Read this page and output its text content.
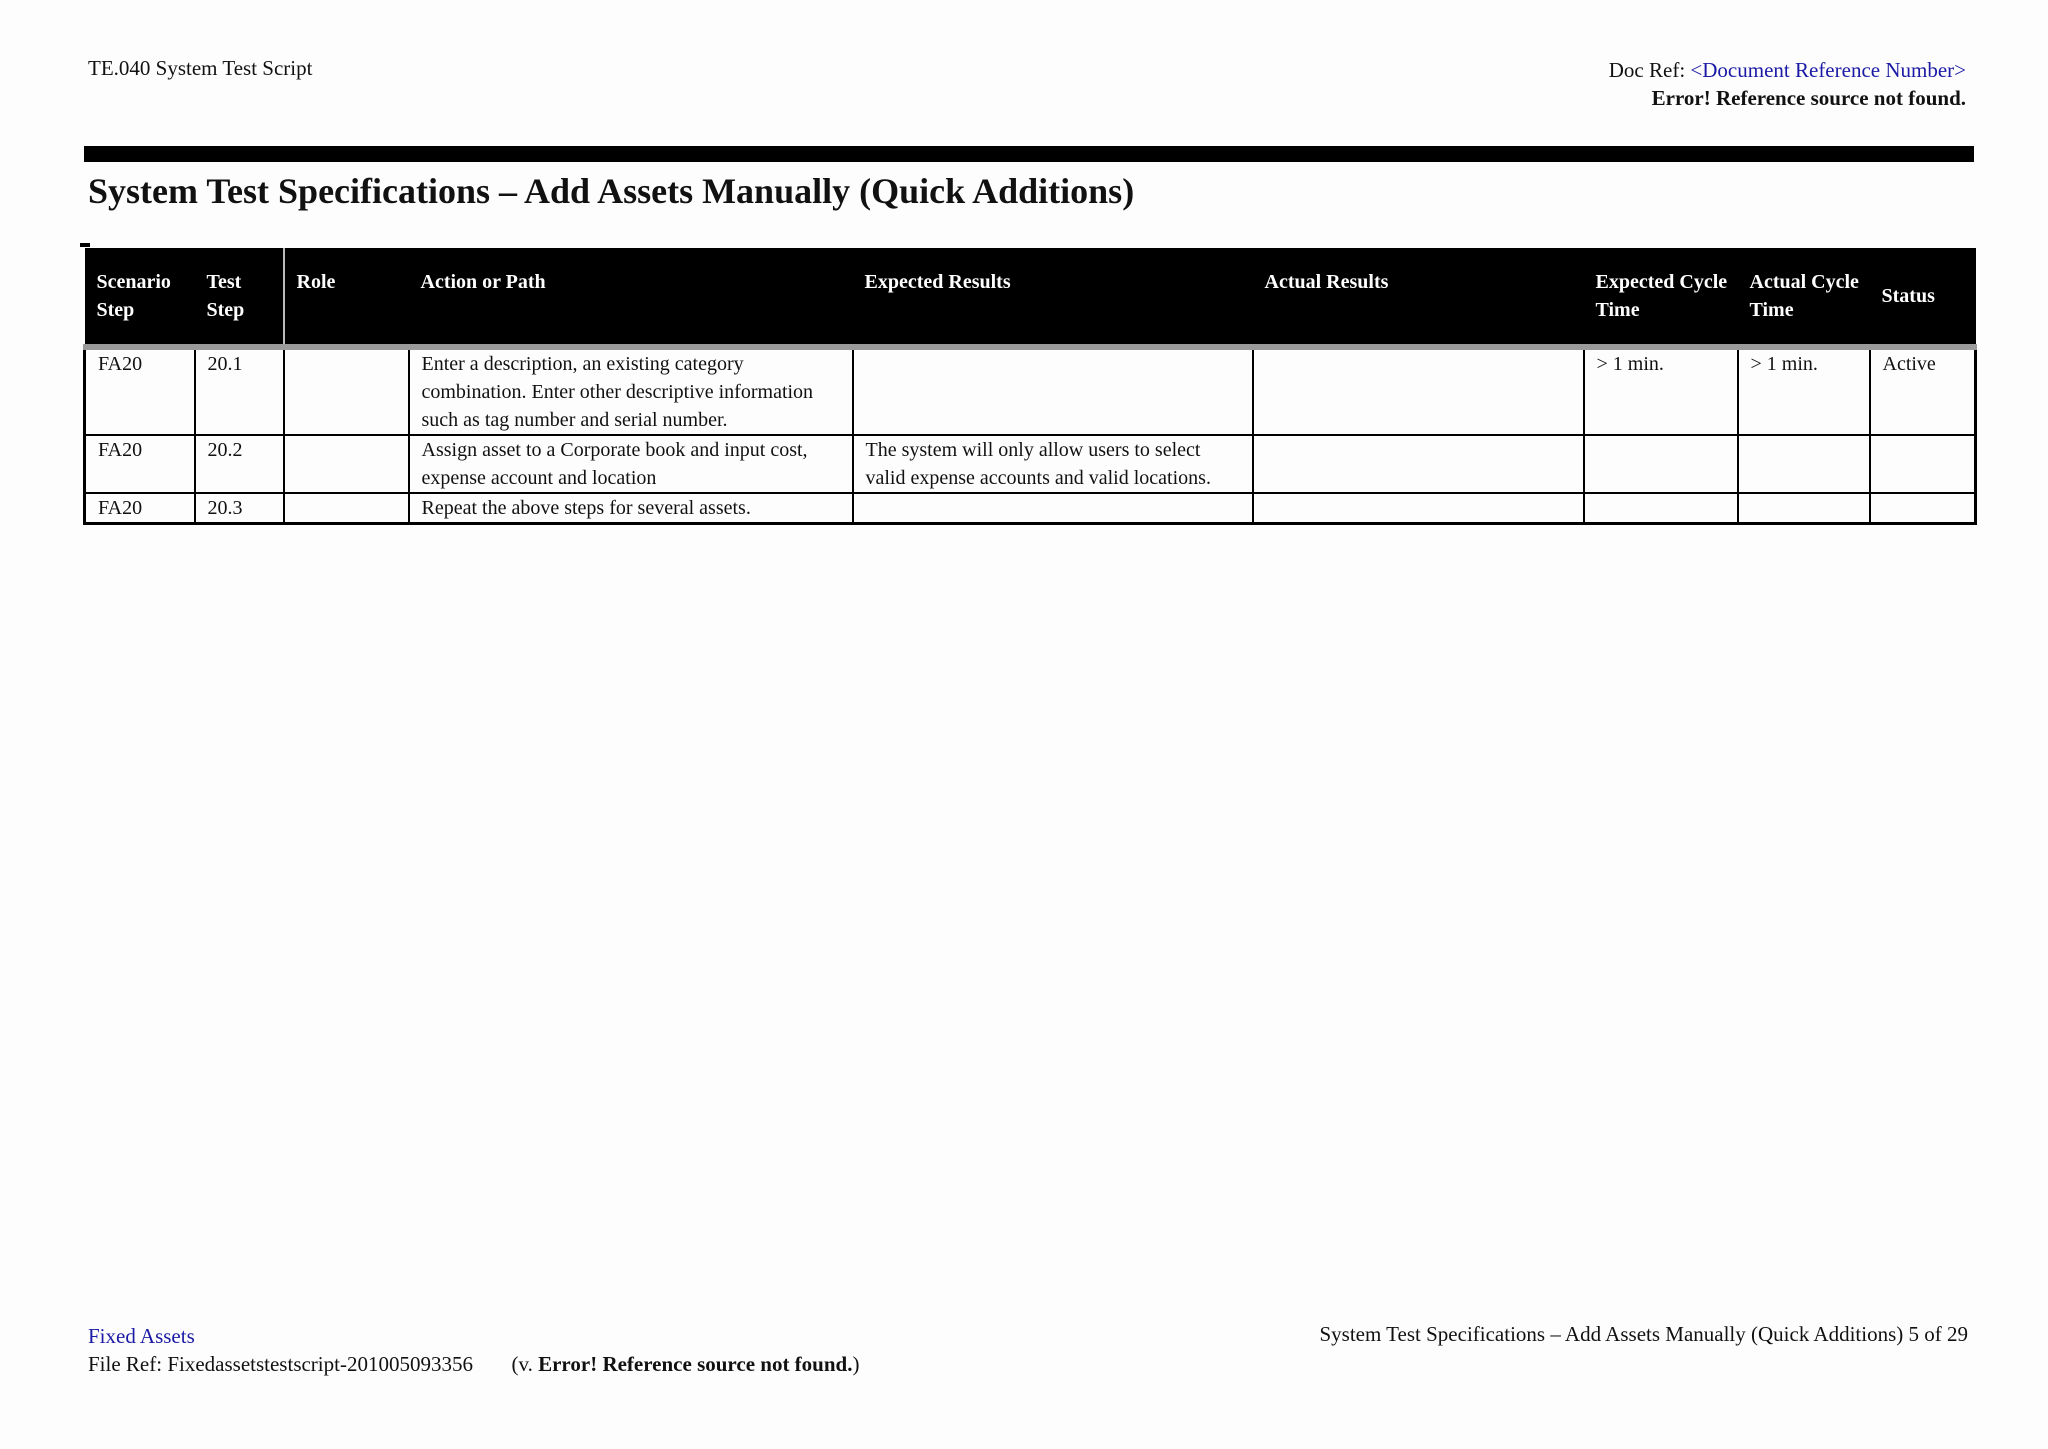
TE.040 System Test Script	Doc Ref: <Document Reference Number>
Error! Reference source not found.
System Test Specifications – Add Assets Manually (Quick Additions)
Scenario Step	Test Step	Role	Action or Path	Expected Results	Actual Results	Expected Cycle Time	Actual Cycle Time	Status
FA20	20.1		Enter a description, an existing category combination. Enter other descriptive information such as tag number and serial number.			> 1 min.	> 1 min.	Active
FA20	20.2		Assign asset to a Corporate book and input cost, expense account and location	The system will only allow users to select valid expense accounts and valid locations.				
FA20	20.3		Repeat the above steps for several assets.					
Fixed Assets
File Ref: Fixedassetstestscript-201005093356 (v. Error! Reference source not found.)
System Test Specifications – Add Assets Manually (Quick Additions) 5 of 29
